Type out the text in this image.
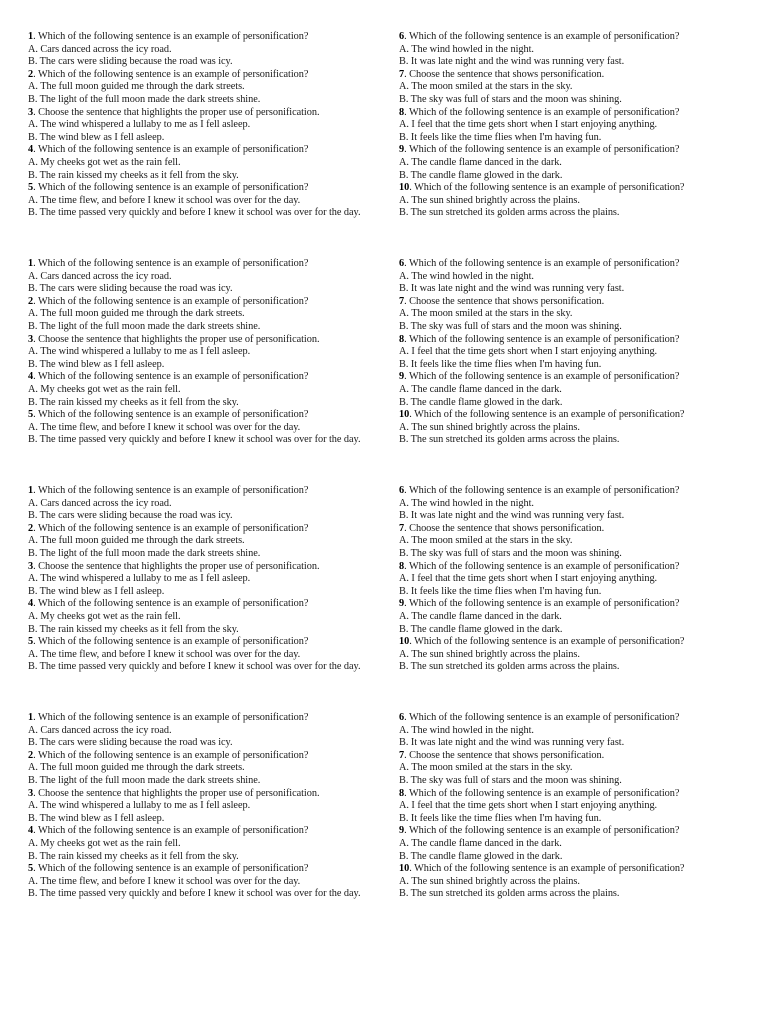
1. Which of the following sentence is an example of personification?
A. Cars danced across the icy road.
B. The cars were sliding because the road was icy.
2. Which of the following sentence is an example of personification?
A. The full moon guided me through the dark streets.
B. The light of the full moon made the dark streets shine.
3. Choose the sentence that highlights the proper use of personification.
A. The wind whispered a lullaby to me as I fell asleep.
B. The wind blew as I fell asleep.
4. Which of the following sentence is an example of personification?
A. My cheeks got wet as the rain fell.
B. The rain kissed my cheeks as it fell from the sky.
5. Which of the following sentence is an example of personification?
A. The time flew, and before I knew it school was over for the day.
B. The time passed very quickly and before I knew it school was over for the day.
6. Which of the following sentence is an example of personification?
A. The wind howled in the night.
B. It was late night and the wind was running very fast.
7. Choose the sentence that shows personification.
A. The moon smiled at the stars in the sky.
B. The sky was full of stars and the moon was shining.
8. Which of the following sentence is an example of personification?
A. I feel that the time gets short when I start enjoying anything.
B. It feels like the time flies when I'm having fun.
9. Which of the following sentence is an example of personification?
A. The candle flame danced in the dark.
B. The candle flame glowed in the dark.
10. Which of the following sentence is an example of personification?
A. The sun shined brightly across the plains.
B. The sun stretched its golden arms across the plains.
1. Which of the following sentence is an example of personification?
A. Cars danced across the icy road.
B. The cars were sliding because the road was icy.
2. Which of the following sentence is an example of personification?
A. The full moon guided me through the dark streets.
B. The light of the full moon made the dark streets shine.
3. Choose the sentence that highlights the proper use of personification.
A. The wind whispered a lullaby to me as I fell asleep.
B. The wind blew as I fell asleep.
4. Which of the following sentence is an example of personification?
A. My cheeks got wet as the rain fell.
B. The rain kissed my cheeks as it fell from the sky.
5. Which of the following sentence is an example of personification?
A. The time flew, and before I knew it school was over for the day.
B. The time passed very quickly and before I knew it school was over for the day.
6. Which of the following sentence is an example of personification?
A. The wind howled in the night.
B. It was late night and the wind was running very fast.
7. Choose the sentence that shows personification.
A. The moon smiled at the stars in the sky.
B. The sky was full of stars and the moon was shining.
8. Which of the following sentence is an example of personification?
A. I feel that the time gets short when I start enjoying anything.
B. It feels like the time flies when I'm having fun.
9. Which of the following sentence is an example of personification?
A. The candle flame danced in the dark.
B. The candle flame glowed in the dark.
10. Which of the following sentence is an example of personification?
A. The sun shined brightly across the plains.
B. The sun stretched its golden arms across the plains.
1. Which of the following sentence is an example of personification?
A. Cars danced across the icy road.
B. The cars were sliding because the road was icy.
2. Which of the following sentence is an example of personification?
A. The full moon guided me through the dark streets.
B. The light of the full moon made the dark streets shine.
3. Choose the sentence that highlights the proper use of personification.
A. The wind whispered a lullaby to me as I fell asleep.
B. The wind blew as I fell asleep.
4. Which of the following sentence is an example of personification?
A. My cheeks got wet as the rain fell.
B. The rain kissed my cheeks as it fell from the sky.
5. Which of the following sentence is an example of personification?
A. The time flew, and before I knew it school was over for the day.
B. The time passed very quickly and before I knew it school was over for the day.
6. Which of the following sentence is an example of personification?
A. The wind howled in the night.
B. It was late night and the wind was running very fast.
7. Choose the sentence that shows personification.
A. The moon smiled at the stars in the sky.
B. The sky was full of stars and the moon was shining.
8. Which of the following sentence is an example of personification?
A. I feel that the time gets short when I start enjoying anything.
B. It feels like the time flies when I'm having fun.
9. Which of the following sentence is an example of personification?
A. The candle flame danced in the dark.
B. The candle flame glowed in the dark.
10. Which of the following sentence is an example of personification?
A. The sun shined brightly across the plains.
B. The sun stretched its golden arms across the plains.
1. Which of the following sentence is an example of personification?
A. Cars danced across the icy road.
B. The cars were sliding because the road was icy.
2. Which of the following sentence is an example of personification?
A. The full moon guided me through the dark streets.
B. The light of the full moon made the dark streets shine.
3. Choose the sentence that highlights the proper use of personification.
A. The wind whispered a lullaby to me as I fell asleep.
B. The wind blew as I fell asleep.
4. Which of the following sentence is an example of personification?
A. My cheeks got wet as the rain fell.
B. The rain kissed my cheeks as it fell from the sky.
5. Which of the following sentence is an example of personification?
A. The time flew, and before I knew it school was over for the day.
B. The time passed very quickly and before I knew it school was over for the day.
6. Which of the following sentence is an example of personification?
A. The wind howled in the night.
B. It was late night and the wind was running very fast.
7. Choose the sentence that shows personification.
A. The moon smiled at the stars in the sky.
B. The sky was full of stars and the moon was shining.
8. Which of the following sentence is an example of personification?
A. I feel that the time gets short when I start enjoying anything.
B. It feels like the time flies when I'm having fun.
9. Which of the following sentence is an example of personification?
A. The candle flame danced in the dark.
B. The candle flame glowed in the dark.
10. Which of the following sentence is an example of personification?
A. The sun shined brightly across the plains.
B. The sun stretched its golden arms across the plains.
